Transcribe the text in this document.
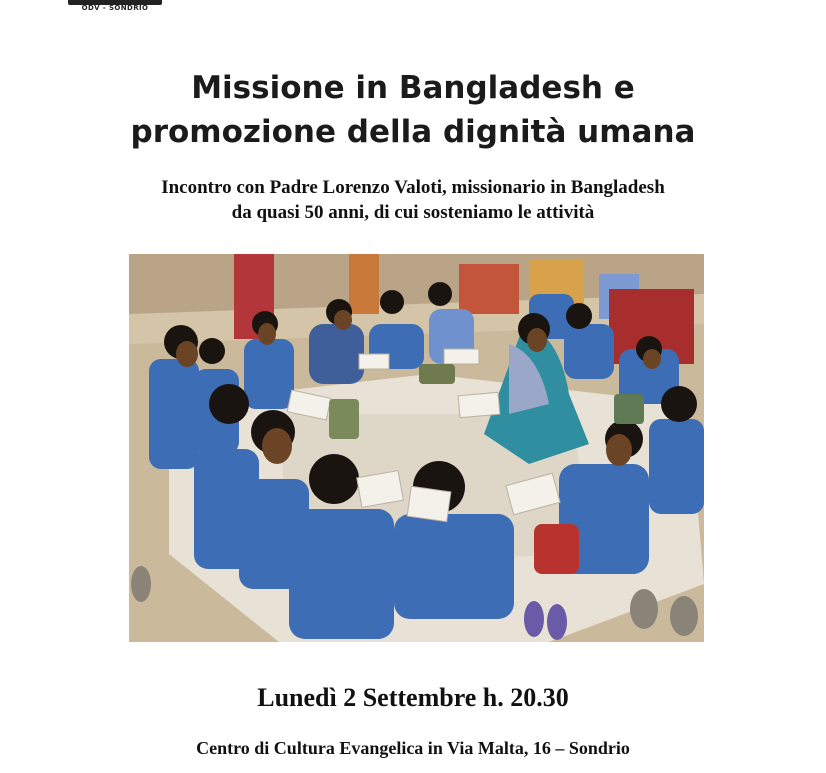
ODV - SONDRIO
Missione in Bangladesh e
promozione della dignità umana

Incontro con Padre Lorenzo Valoti, missionario in Bangladesh
da quasi 50 anni, di cui sosteniamo le attività

Lunedì 2 Settembre h. 20.30
Centro di Cultura Evangelica in Via Malta, 16 – Sondrio
